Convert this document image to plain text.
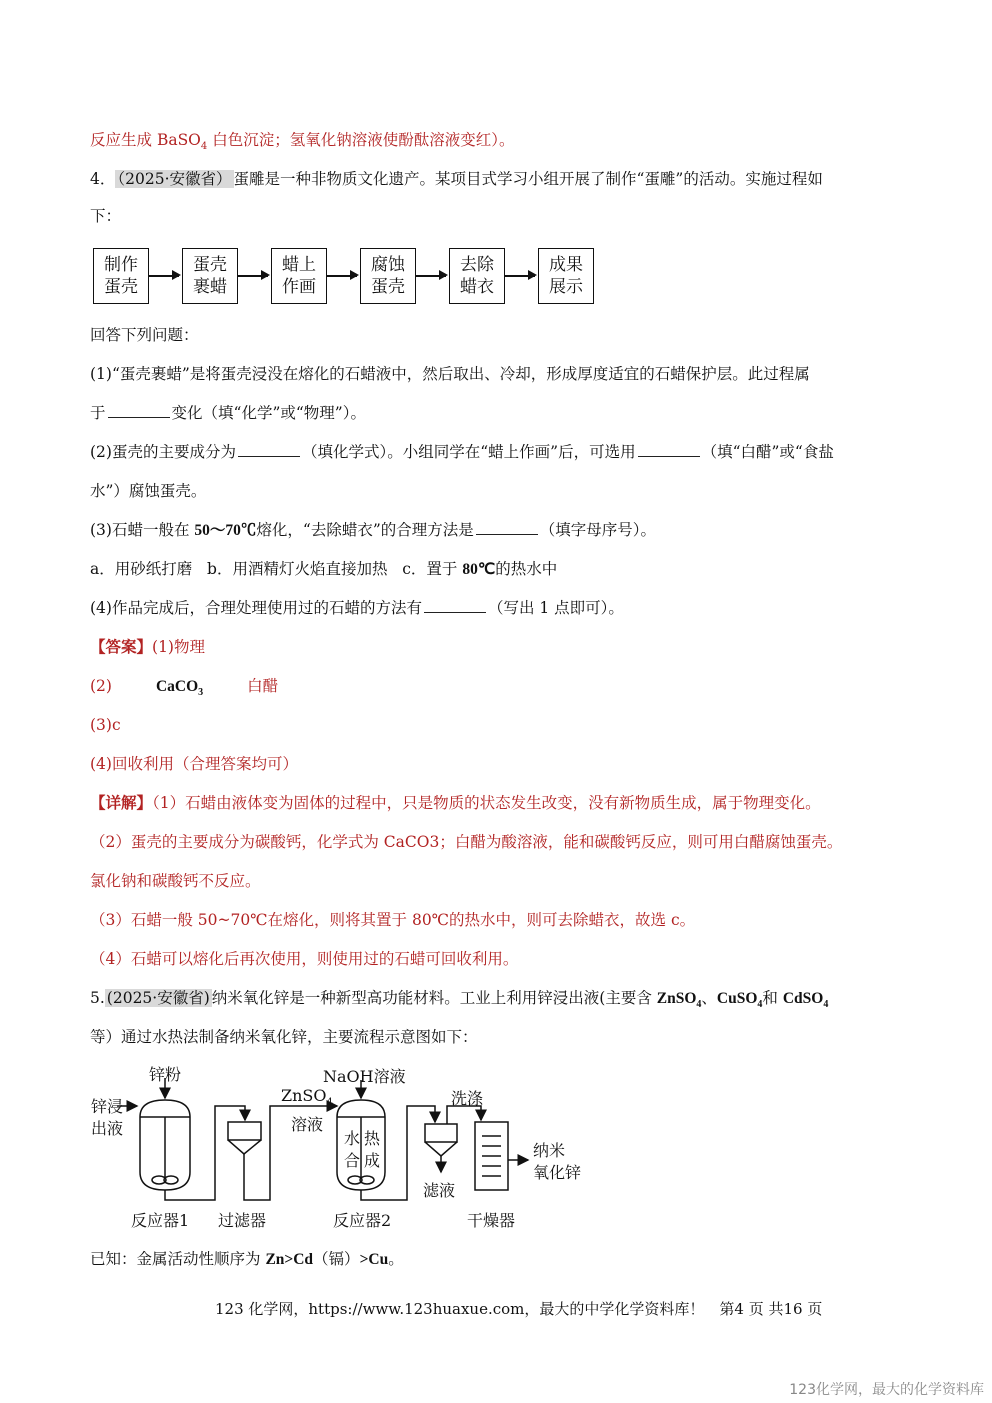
反应生成 BaSO$_4$ 白色沉淀；氢氧化钠溶液使酚酞溶液变红）。
4． （2025·安徽省） 蛋雕是一种非物质文化遗产。某项目式学习小组开展了制作“蛋雕”的活动。实施过程如
下：
制作
蛋壳
蛋壳
裹蜡
蜡上
作画
腐蚀
蛋壳
去除
蜡衣
成果
展示
回答下列问题：
(1)“蛋壳裹蜡”是将蛋壳浸没在熔化的石蜡液中，然后取出、冷却，形成厚度适宜的石蜡保护层。此过程属
于	变化（填“化学”或“物理”）。
(2)蛋壳的主要成分为	（填化学式）。小组同学在“蜡上作画”后，可选用	（填“白醋”或“食盐
水”）腐蚀蛋壳。
(3)石蜡一般在 50～70℃熔化，“去除蜡衣”的合理方法是	（填字母序号）。
a．用砂纸打磨 b．用酒精灯火焰直接加热 c．置于 80℃的热水中
(4)作品完成后，合理处理使用过的石蜡的方法有	（写出 1 点即可）。
【答案】(1)物理
(2)	CaCO$_3$	白醋
(3)c
(4)回收利用（合理答案均可）
【详解】（1）石蜡由液体变为固体的过程中，只是物质的状态发生改变，没有新物质生成，属于物理变化。
（2）蛋壳的主要成分为碳酸钙，化学式为 CaCO3；白醋为酸溶液，能和碳酸钙反应，则可用白醋腐蚀蛋壳。
氯化钠和碳酸钙不反应。
（3）石蜡一般 50~70℃在熔化，则将其置于 80℃的热水中，则可去除蜡衣，故选 c。
（4）石蜡可以熔化后再次使用，则使用过的石蜡可回收利用。
5. (2025·安徽省) 纳米氧化锌是一种新型高功能材料。工业上利用锌浸出液(主要含 ZnSO$_4$、CuSO$_4$和 CdSO$_4$
等）通过水热法制备纳米氧化锌，主要流程示意图如下：
锌粉
锌浸
出液
反应器1 过滤器
ZnSO$_4$
溶液
NaOH溶液
水 热
合 成
反应器2
洗涤
滤液
干燥器
纳米
氧化锌
已知：金属活动性顺序为 Zn>Cd（镉）>Cu。
123 化学网，https://www.123huaxue.com，最大的中学化学资料库！　第4 页 共16 页
123化学网，最大的化学资料库
